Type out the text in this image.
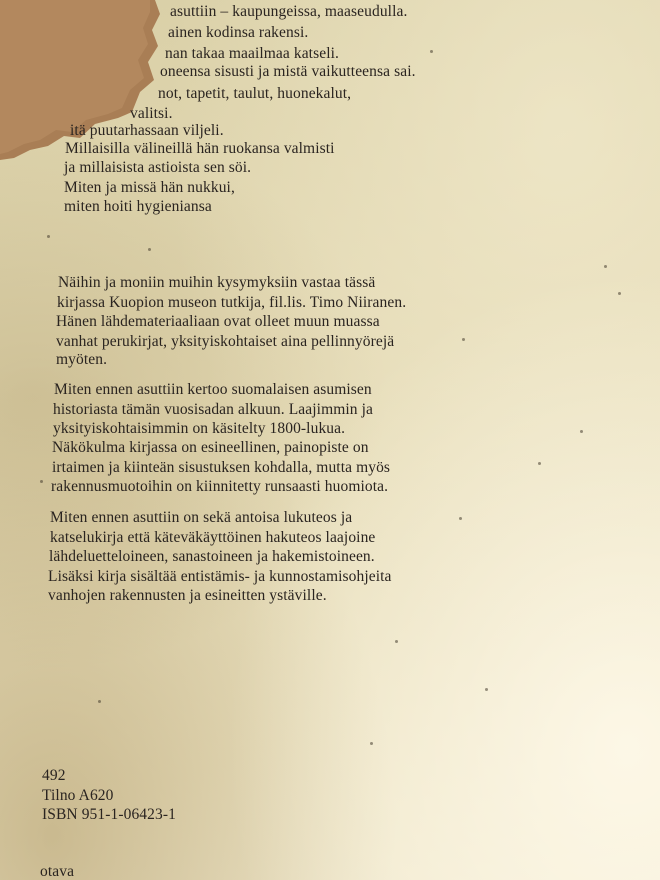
asuttiin – kaupungeissa, maaseudulla.
ainen kodinsa rakensi.
nan takaa maailmaa katseli.
oneensa sisusti ja mistä vaikutteensa sai.
not, tapetit, taulut, huonekalut,
valitsi.
itä puutarhassaan viljeli.
Millaisilla välineillä hän ruokansa valmisti
ja millaisista astioista sen söi.
Miten ja missä hän nukkui,
miten hoiti hygieniansa
Näihin ja moniin muihin kysymyksiin vastaa tässä
kirjassa Kuopion museon tutkija, fil.lis. Timo Niiranen.
Hänen lähdemateriaaliaan ovat olleet muun muassa
vanhat perukirjat, yksityiskohtaiset aina pellinnyörejä
myöten.
Miten ennen asuttiin kertoo suomalaisen asumisen
historiasta tämän vuosisadan alkuun. Laajimmin ja
yksityiskohtaisimmin on käsitelty 1800-lukua.
Näkökulma kirjassa on esineellinen, painopiste on
irtaimen ja kiinteän sisustuksen kohdalla, mutta myös
rakennusmuotoihin on kiinnitetty runsaasti huomiota.
Miten ennen asuttiin on sekä antoisa lukuteos ja
katselukirja että käteväkäyttöinen hakuteos laajoine
lähdeluetteloineen, sanastoineen ja hakemistoineen.
Lisäksi kirja sisältää entistämis- ja kunnostamisohjeita
vanhojen rakennusten ja esineitten ystäville.
492
Tilno A620
ISBN 951-1-06423-1
otava
